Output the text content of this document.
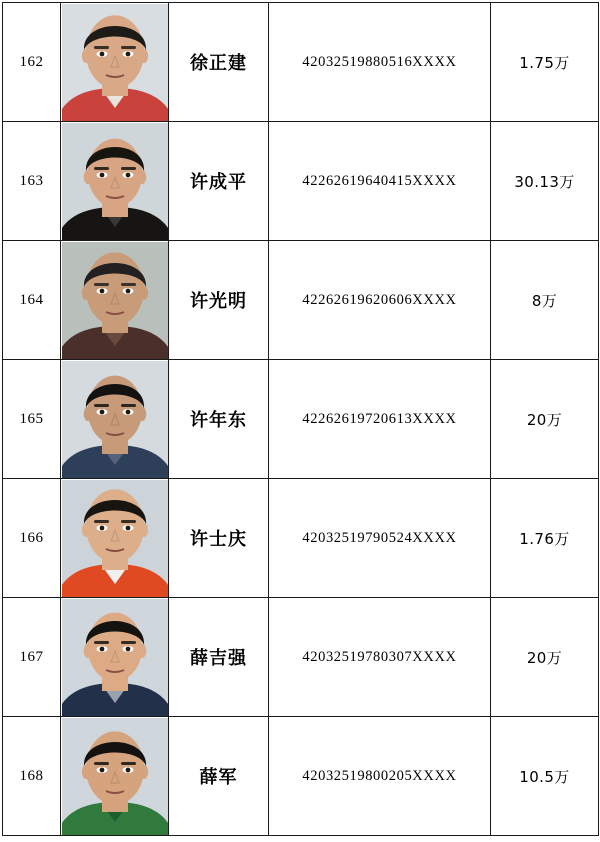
162		徐正建	42032519880516XXXX	1.75万
163		许成平	42262619640415XXXX	30.13万
164		许光明	42262619620606XXXX	8万
165		许年东	42262619720613XXXX	20万
166		许士庆	42032519790524XXXX	1.76万
167		薛吉强	42032519780307XXXX	20万
168		薛军	42032519800205XXXX	10.5万
